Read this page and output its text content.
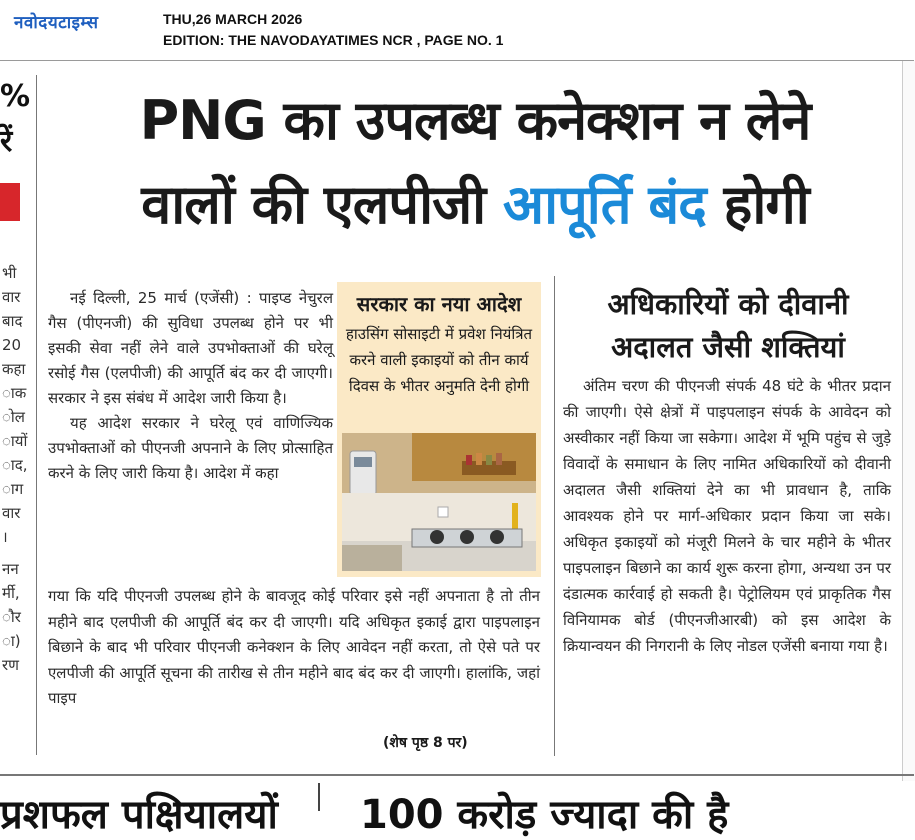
नवोदयटाइम्स	THU,26 MARCH 2026
EDITION: THE NAVODAYATIMES NCR , PAGE NO. 1
%
रें
भी
वार
बाद
20
कहा
ाक
ोल
ायों
ाद,
ाग
वार
।
नन
र्मी,
ौर
ा)
रण
PNG का उपलब्ध कनेक्शन न लेने
वालों की एलपीजी आपूर्ति बंद होगी

नई दिल्ली, 25 मार्च (एजेंसी) : पाइप्ड नेचुरल गैस (पीएनजी) की सुविधा उपलब्ध होने पर भी इसकी सेवा नहीं लेने वाले उपभोक्ताओं की घरेलू रसोई गैस (एलपीजी) की आपूर्ति बंद कर दी जाएगी। सरकार ने इस संबंध में आदेश जारी किया है।

यह आदेश सरकार ने घरेलू एवं वाणिज्यिक उपभोक्ताओं को पीएनजी अपनाने के लिए प्रोत्साहित करने के लिए जारी किया है। आदेश में कहा

गया कि यदि पीएनजी उपलब्ध होने के बावजूद कोई परिवार इसे नहीं अपनाता है तो तीन महीने बाद एलपीजी की आपूर्ति बंद कर दी जाएगी। यदि अधिकृत इकाई द्वारा पाइपलाइन बिछाने के बाद भी परिवार पीएनजी कनेक्शन के लिए आवेदन नहीं करता, तो ऐसे पते पर एलपीजी की आपूर्ति सूचना की तारीख से तीन महीने बाद बंद कर दी जाएगी। हालांकि, जहां पाइप
(शेष पृष्ठ 8 पर)
सरकार का नया आदेश
हाउसिंग सोसाइटी में प्रवेश नियंत्रित करने वाली इकाइयों को तीन कार्य दिवस के भीतर अनुमति देनी होगी
अधिकारियों को दीवानी अदालत जैसी शक्तियां

अंतिम चरण की पीएनजी संपर्क 48 घंटे के भीतर प्रदान की जाएगी। ऐसे क्षेत्रों में पाइपलाइन संपर्क के आवेदन को अस्वीकार नहीं किया जा सकेगा। आदेश में भूमि पहुंच से जुड़े विवादों के समाधान के लिए नामित अधिकारियों को दीवानी अदालत जैसी शक्तियां देने का भी प्रावधान है, ताकि आवश्यक होने पर मार्ग-अधिकार प्रदान किया जा सके। अधिकृत इकाइयों को मंजूरी मिलने के चार महीने के भीतर पाइपलाइन बिछाने का कार्य शुरू करना होगा, अन्यथा उन पर दंडात्मक कार्रवाई हो सकती है। पेट्रोलियम एवं प्राकृतिक गैस विनियामक बोर्ड (पीएनजीआरबी) को इस आदेश के क्रियान्वयन की निगरानी के लिए नोडल एजेंसी बनाया गया है।

प्रशफल पक्षियालयों 100 करोड़ ज्यादा की है
